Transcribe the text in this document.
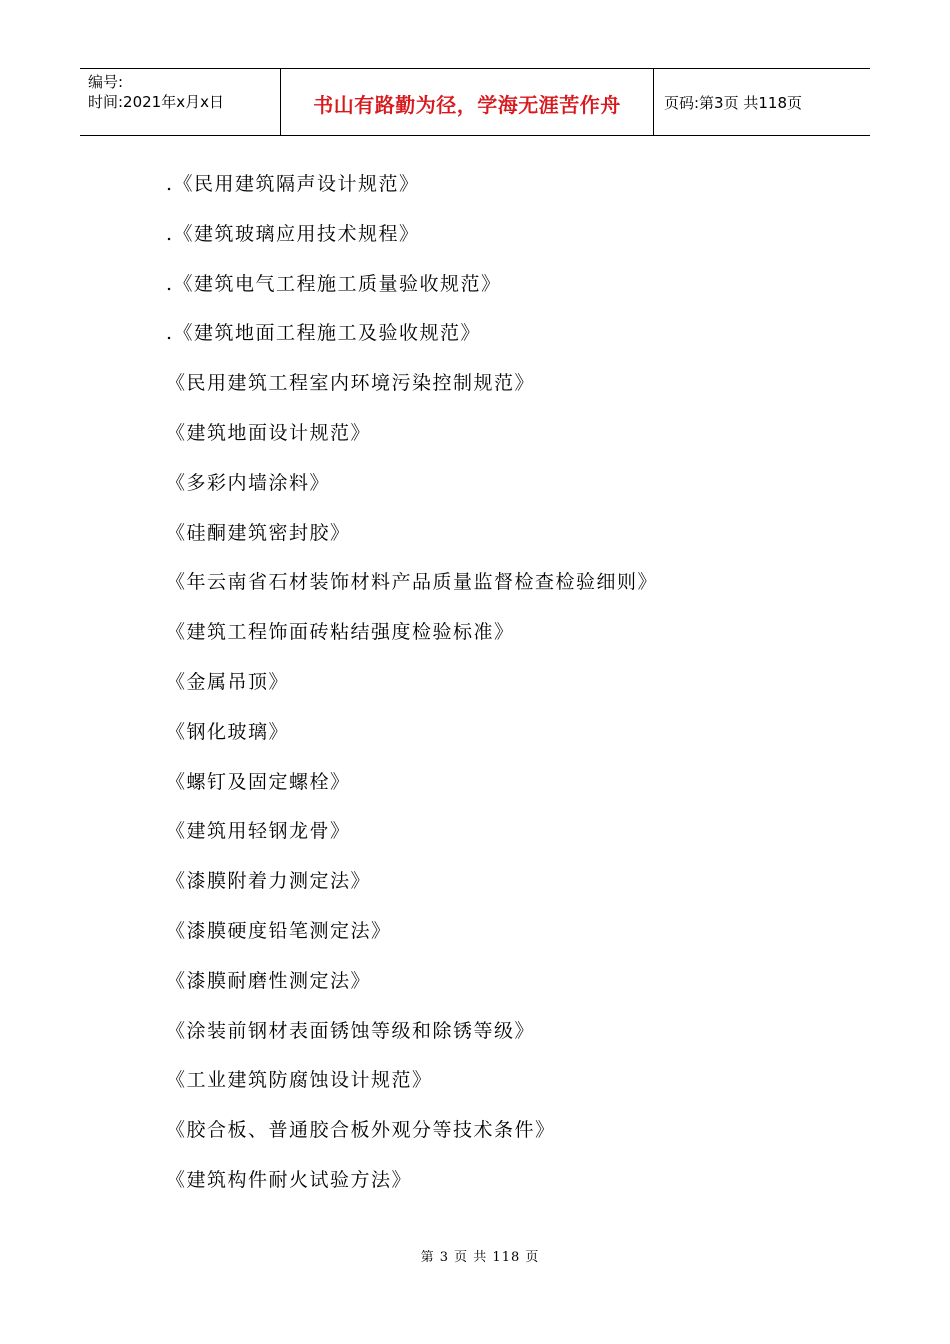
编号:
时间:2021年x月x日	书山有路勤为径，学海无涯苦作舟	页码:第3页 共118页
.《民用建筑隔声设计规范》
.《建筑玻璃应用技术规程》
.《建筑电气工程施工质量验收规范》
.《建筑地面工程施工及验收规范》
《民用建筑工程室内环境污染控制规范》
《建筑地面设计规范》
《多彩内墙涂料》
《硅酮建筑密封胶》
《年云南省石材装饰材料产品质量监督检查检验细则》
《建筑工程饰面砖粘结强度检验标准》
《金属吊顶》
《钢化玻璃》
《螺钉及固定螺栓》
《建筑用轻钢龙骨》
《漆膜附着力测定法》
《漆膜硬度铅笔测定法》
《漆膜耐磨性测定法》
《涂装前钢材表面锈蚀等级和除锈等级》
《工业建筑防腐蚀设计规范》
《胶合板、普通胶合板外观分等技术条件》
《建筑构件耐火试验方法》
第 3 页 共 118 页
